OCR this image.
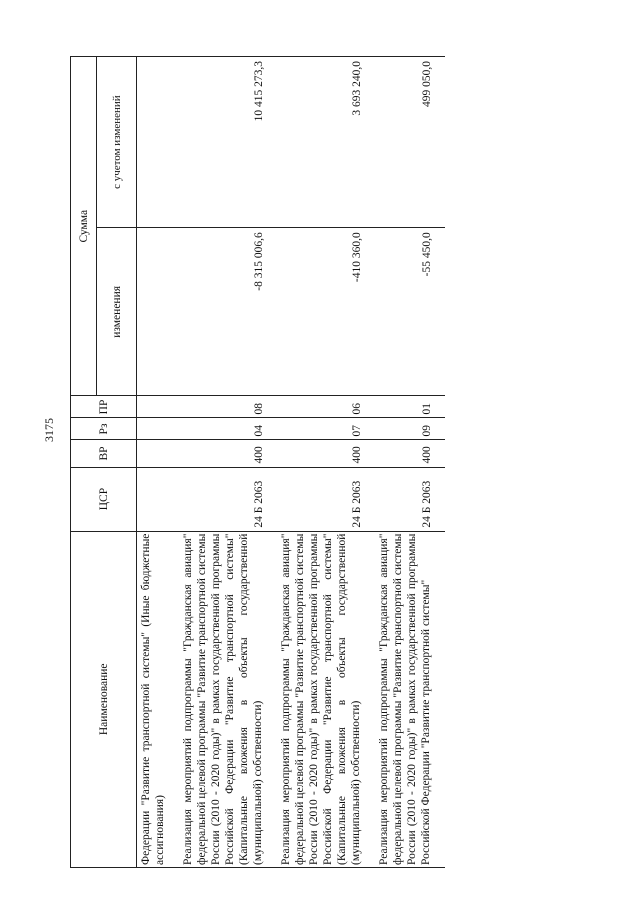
3175
Наименование	ЦСР	ВР	Рз	ПР	Сумма	
					изменения	с учетом изменений
Федерации "Развитие транспортной системы" (Иные бюджетные ассигнования)						
Реализация мероприятий подпрограммы "Гражданская авиация" федеральной целевой программы "Развитие транспортной системы России (2010 - 2020 годы)" в рамках государственной программы Российской Федерации "Развитие транспортной системы" (Капитальные вложения в объекты государственной (муниципальной) собственности)	24 Б 2063	400	04	08	-8 315 006,6	10 415 273,3
Реализация мероприятий подпрограммы "Гражданская авиация" федеральной целевой программы "Развитие транспортной системы России (2010 - 2020 годы)" в рамках государственной программы Российской Федерации "Развитие транспортной системы" (Капитальные вложения в объекты государственной (муниципальной) собственности)	24 Б 2063	400	07	06	-410 360,0	3 693 240,0
Реализация мероприятий подпрограммы "Гражданская авиация" федеральной целевой программы "Развитие транспортной системы России (2010 - 2020 годы)" в рамках государственной программы Российской Федерации "Развитие транспортной системы"	24 Б 2063	400	09	01	-55 450,0	499 050,0
